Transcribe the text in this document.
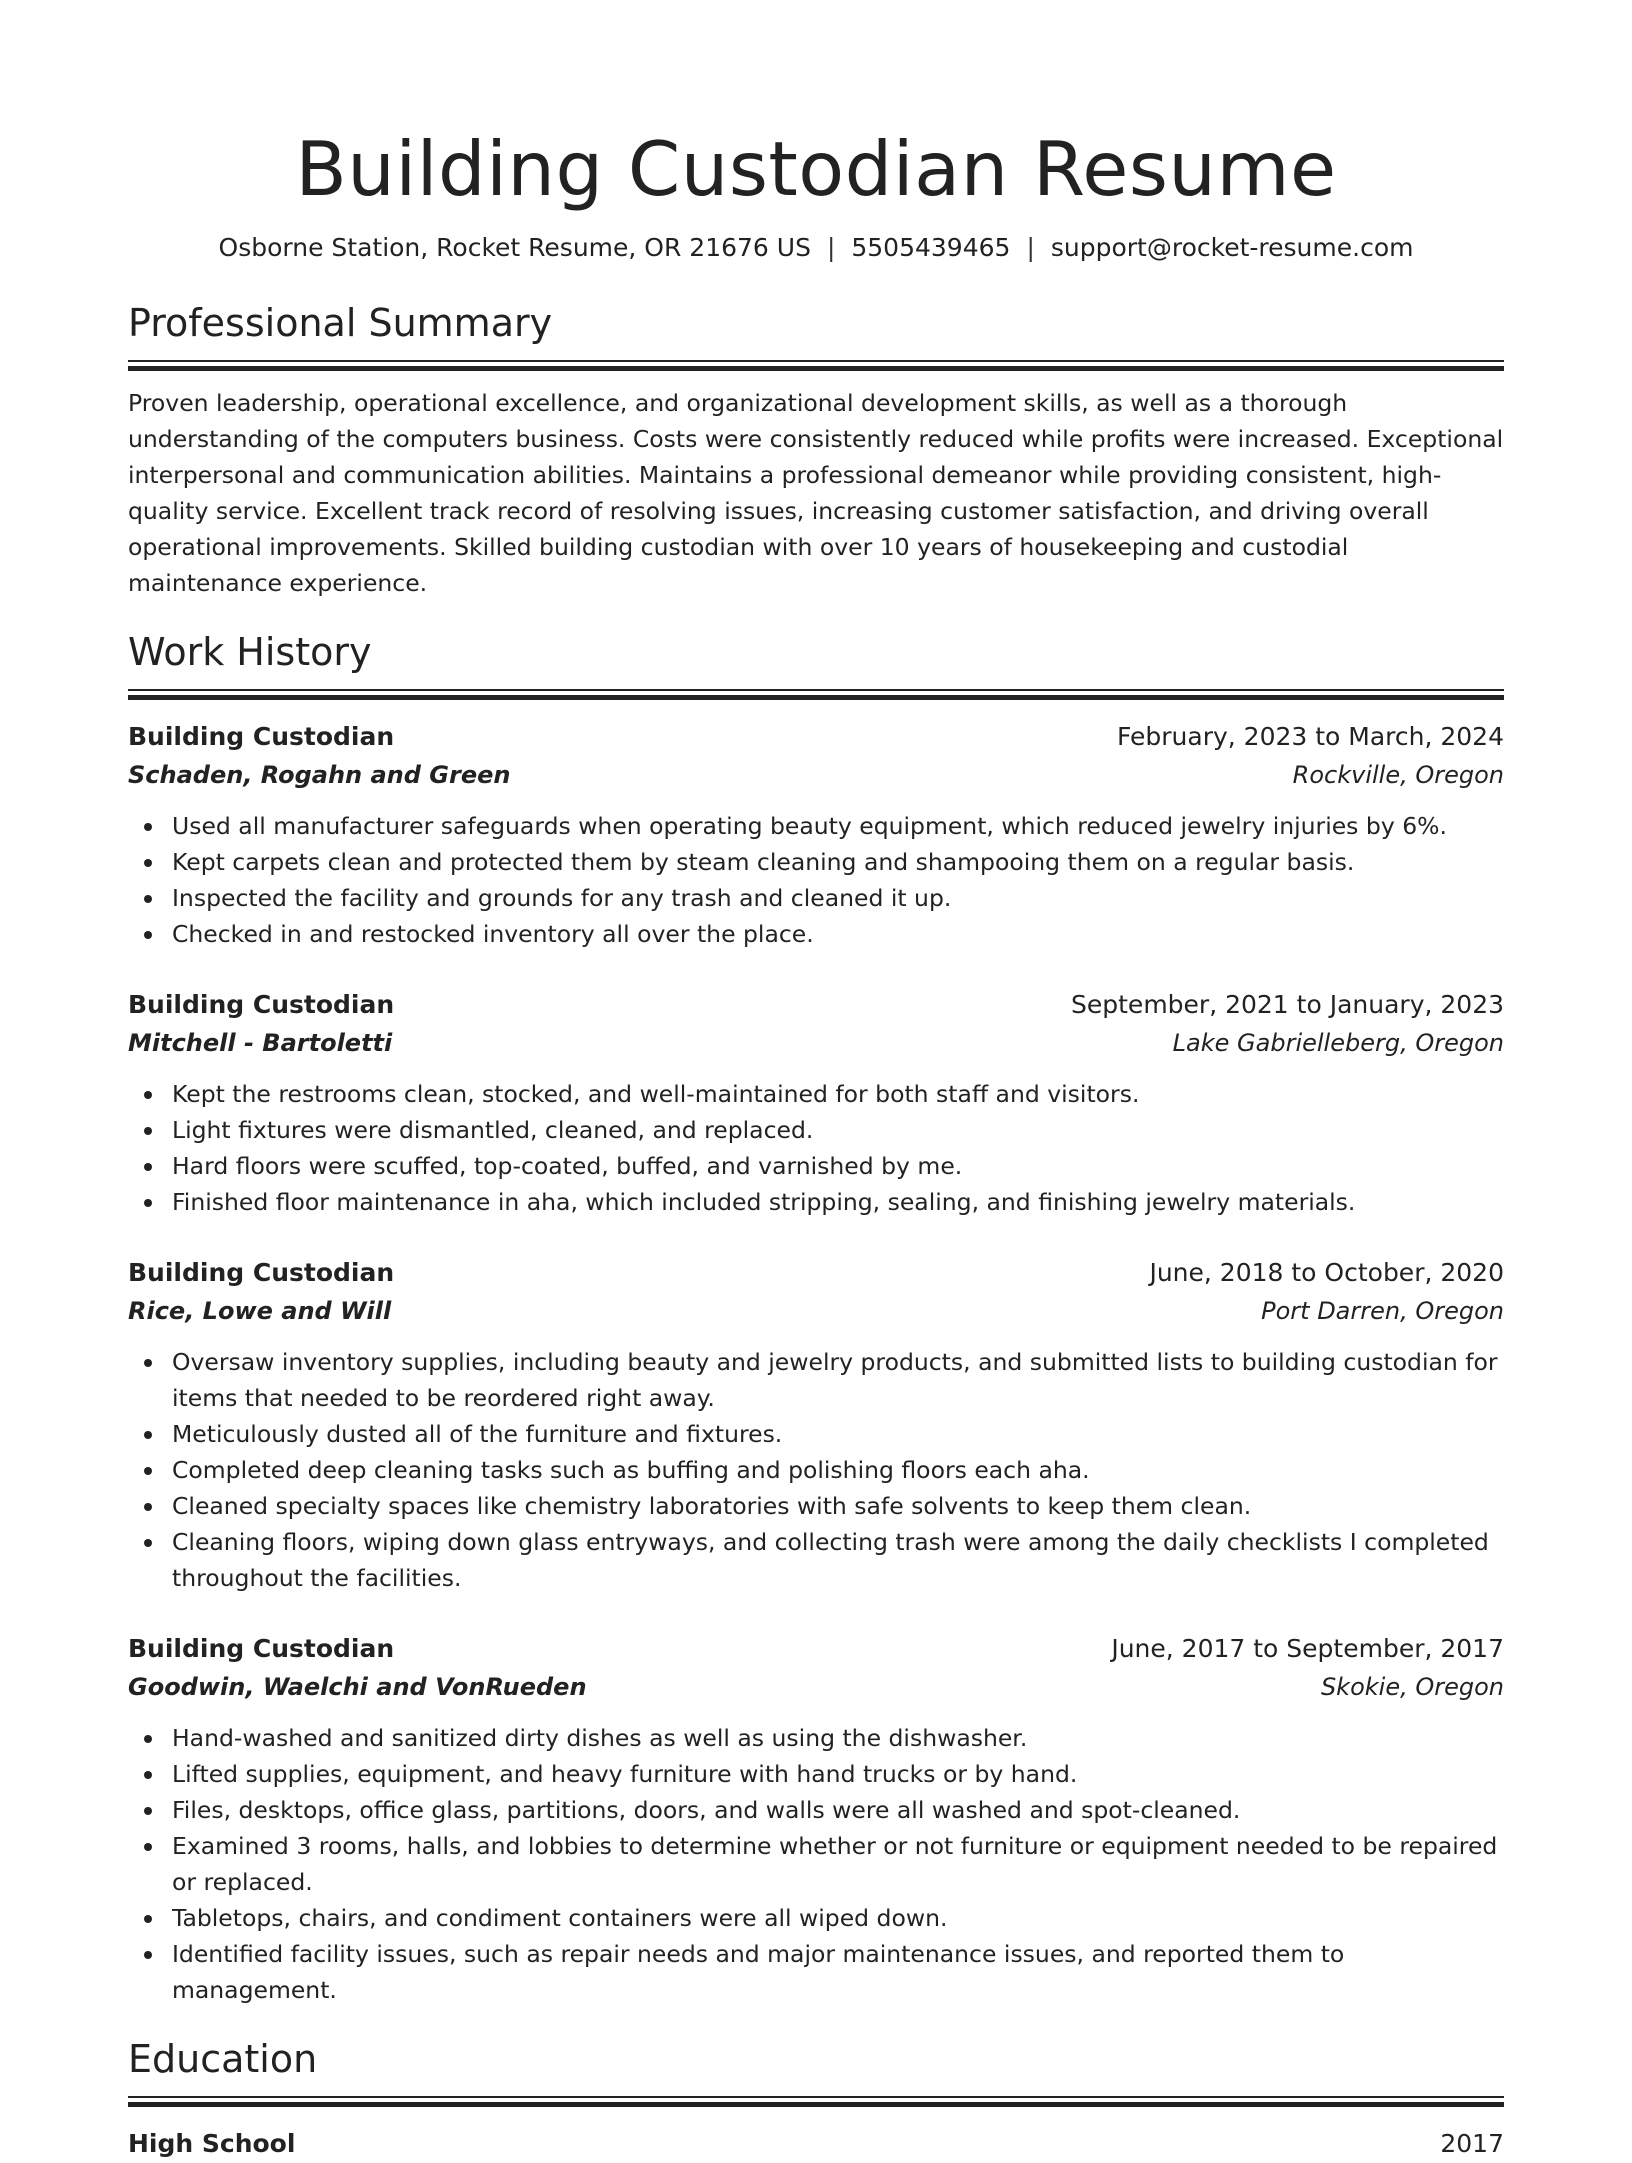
Building Custodian Resume
Osborne Station, Rocket Resume, OR 21676 US | 5505439465 | support@rocket-resume.com
Professional Summary

Proven leadership, operational excellence, and organizational development skills, as well as a thorough understanding of the computers business. Costs were consistently reduced while profits were increased. Exceptional interpersonal and communication abilities. Maintains a professional demeanor while providing consistent, high-quality service. Excellent track record of resolving issues, increasing customer satisfaction, and driving overall operational improvements. Skilled building custodian with over 10 years of housekeeping and custodial maintenance experience.

Work History
Building Custodian	February, 2023 to March, 2024
Schaden, Rogahn and Green	Rockville, Oregon
Used all manufacturer safeguards when operating beauty equipment, which reduced jewelry injuries by 6%.
Kept carpets clean and protected them by steam cleaning and shampooing them on a regular basis.
Inspected the facility and grounds for any trash and cleaned it up.
Checked in and restocked inventory all over the place.
Building Custodian	September, 2021 to January, 2023
Mitchell - Bartoletti	Lake Gabrielleberg, Oregon
Kept the restrooms clean, stocked, and well-maintained for both staff and visitors.
Light fixtures were dismantled, cleaned, and replaced.
Hard floors were scuffed, top-coated, buffed, and varnished by me.
Finished floor maintenance in aha, which included stripping, sealing, and finishing jewelry materials.
Building Custodian	June, 2018 to October, 2020
Rice, Lowe and Will	Port Darren, Oregon
Oversaw inventory supplies, including beauty and jewelry products, and submitted lists to building custodian for items that needed to be reordered right away.
Meticulously dusted all of the furniture and fixtures.
Completed deep cleaning tasks such as buffing and polishing floors each aha.
Cleaned specialty spaces like chemistry laboratories with safe solvents to keep them clean.
Cleaning floors, wiping down glass entryways, and collecting trash were among the daily checklists I completed throughout the facilities.
Building Custodian	June, 2017 to September, 2017
Goodwin, Waelchi and VonRueden	Skokie, Oregon
Hand-washed and sanitized dirty dishes as well as using the dishwasher.
Lifted supplies, equipment, and heavy furniture with hand trucks or by hand.
Files, desktops, office glass, partitions, doors, and walls were all washed and spot-cleaned.
Examined 3 rooms, halls, and lobbies to determine whether or not furniture or equipment needed to be repaired or replaced.
Tabletops, chairs, and condiment containers were all wiped down.
Identified facility issues, such as repair needs and major maintenance issues, and reported them to management.
Education
High School	2017
